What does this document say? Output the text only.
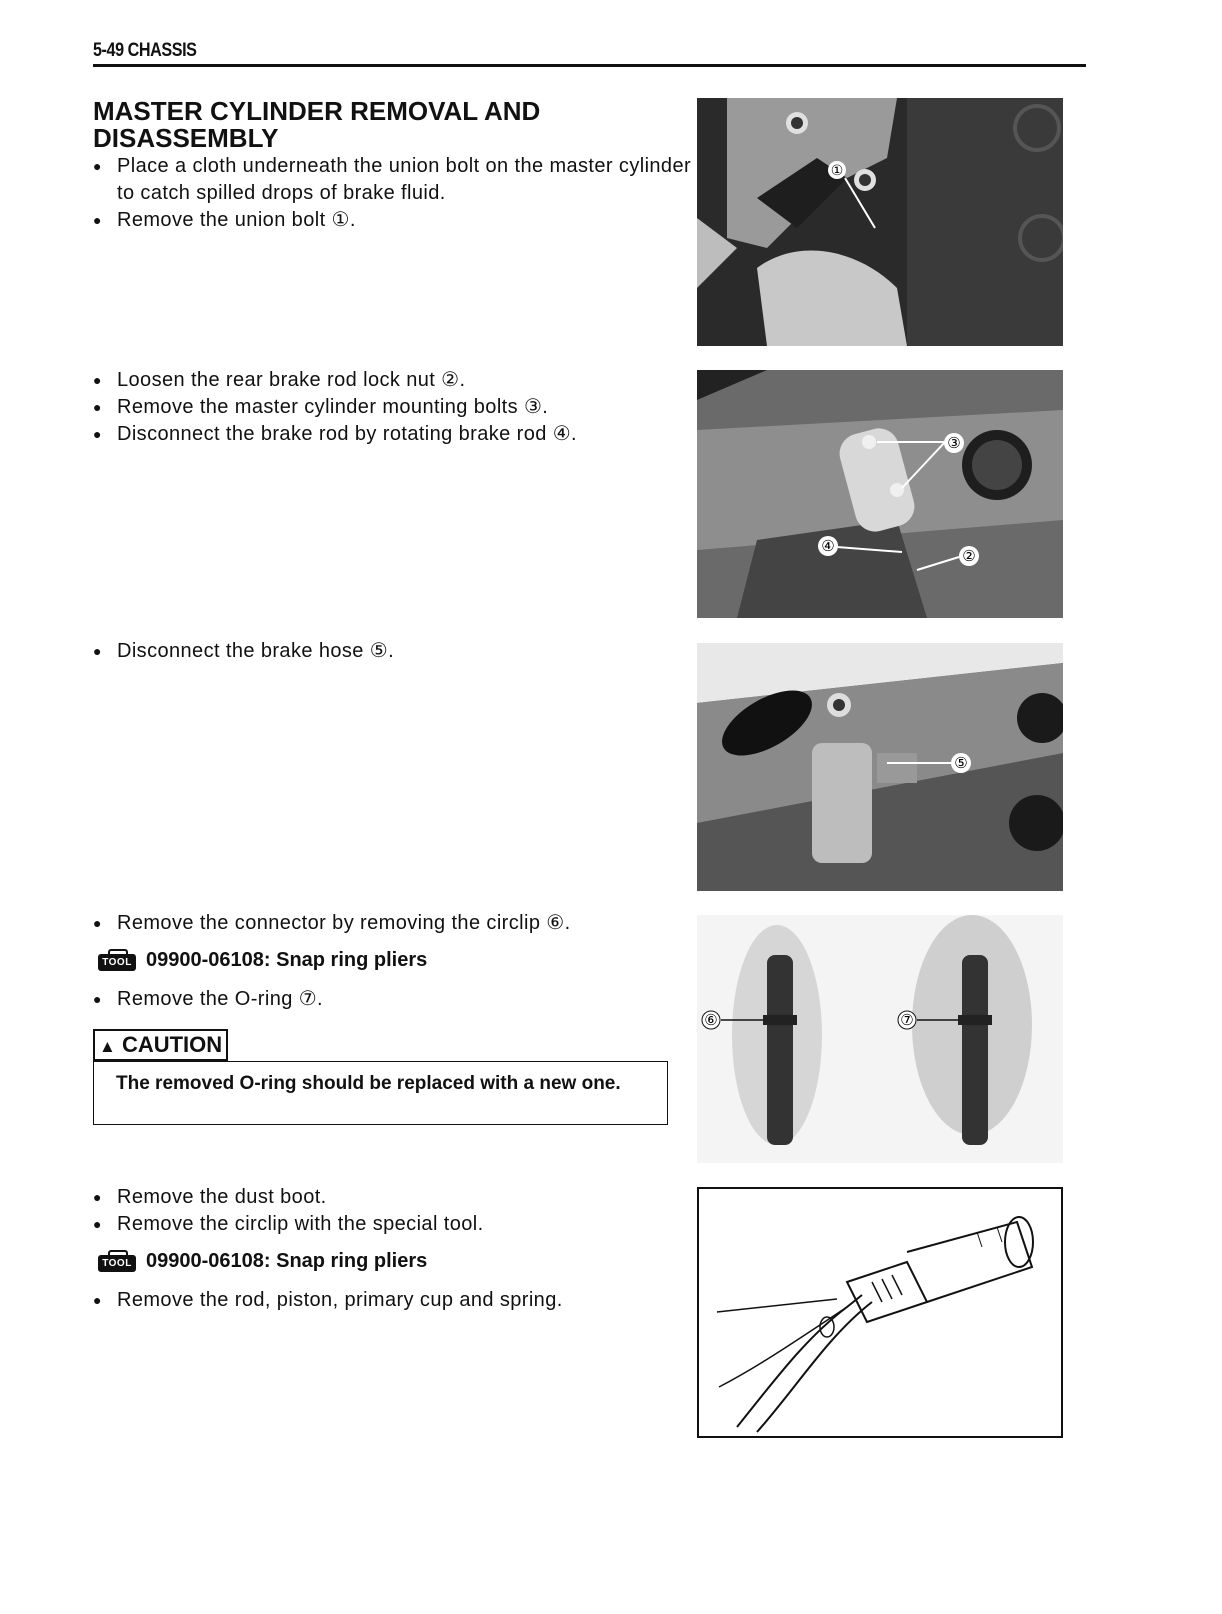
5-49 CHASSIS
MASTER CYLINDER REMOVAL AND DISASSEMBLY
● Place a cloth underneath the union bolt on the master cylinder to catch spilled drops of brake fluid.
● Remove the union bolt ①.
● Loosen the rear brake rod lock nut ②.
● Remove the master cylinder mounting bolts ③.
● Disconnect the brake rod by rotating brake rod ④.
● Disconnect the brake hose ⑤.
● Remove the connector by removing the circlip ⑥.
TOOL 09900-06108: Snap ring pliers
● Remove the O-ring ⑦.
▲ CAUTION
The removed O-ring should be replaced with a new one.
● Remove the dust boot.
● Remove the circlip with the special tool.
TOOL 09900-06108: Snap ring pliers
● Remove the rod, piston, primary cup and spring.
①
③
④
②
⑤
⑥	⑦
